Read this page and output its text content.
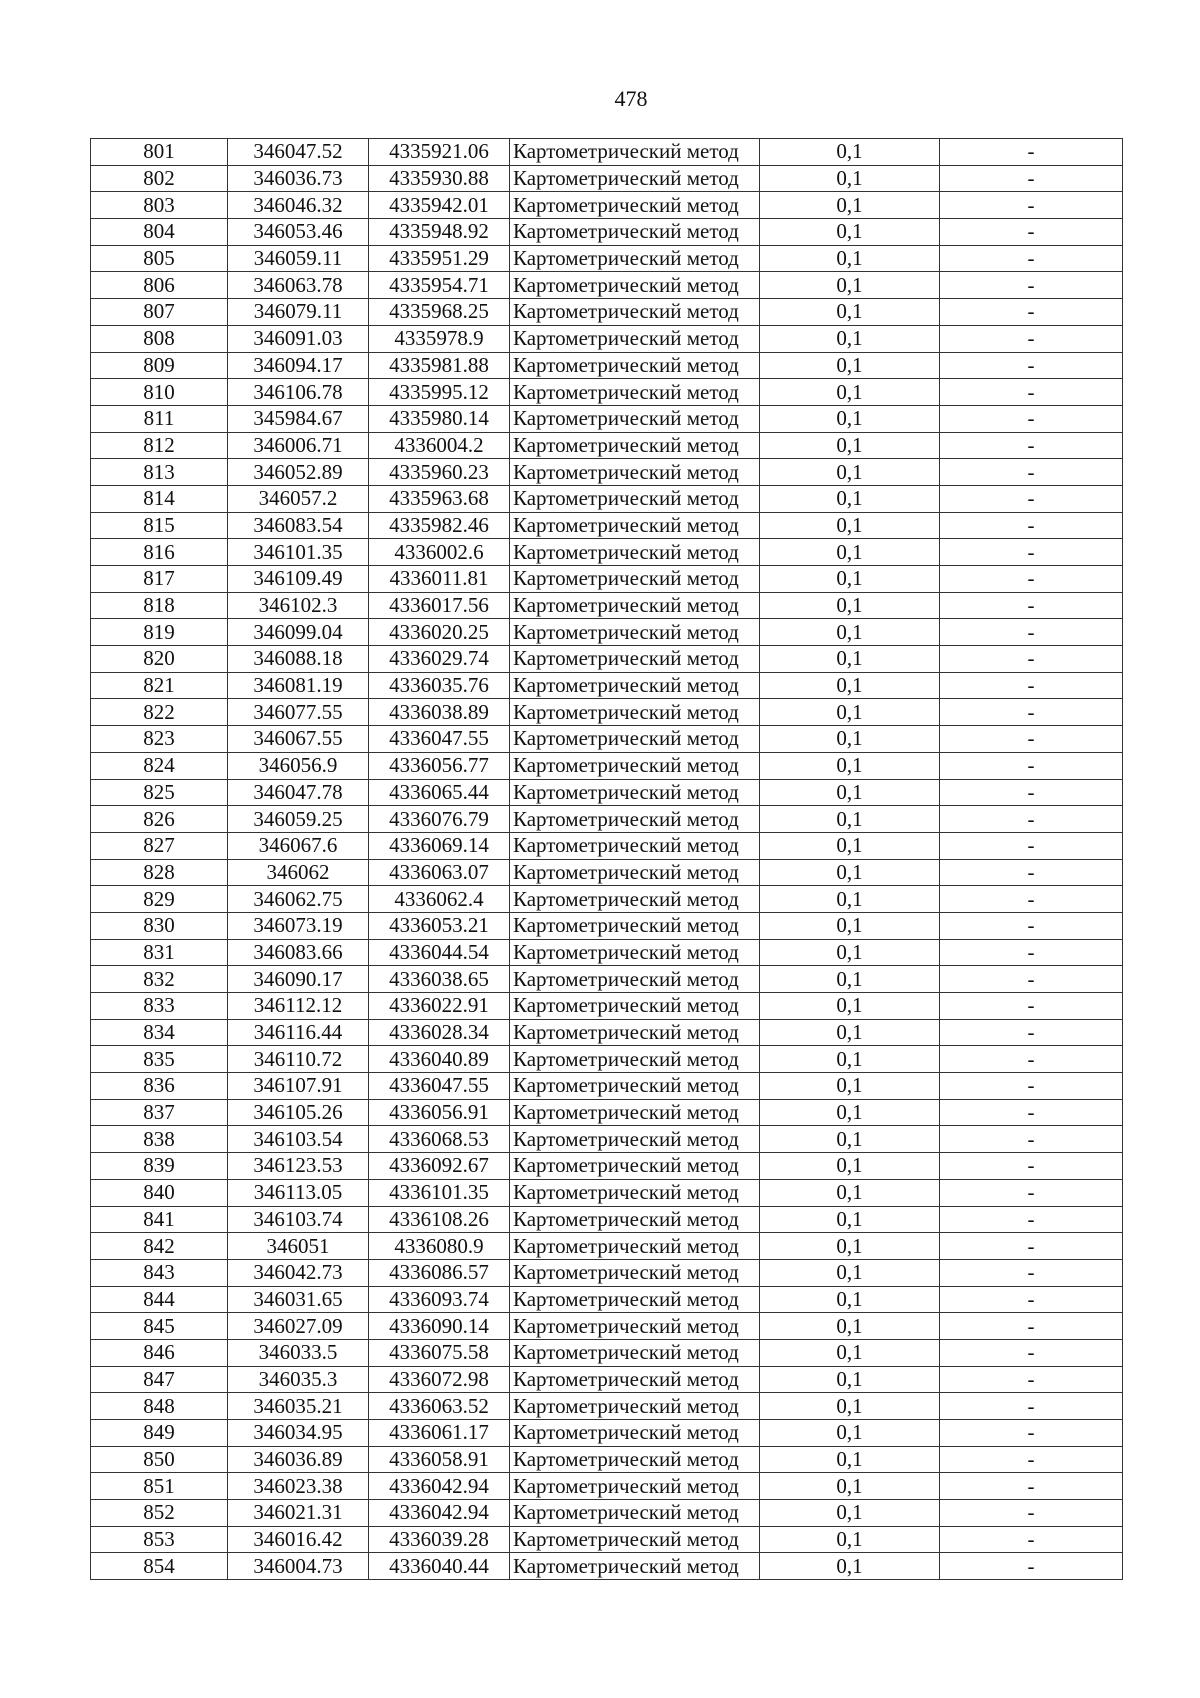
478
801	346047.52	4335921.06	Картометрический метод	0,1	-
802	346036.73	4335930.88	Картометрический метод	0,1	-
803	346046.32	4335942.01	Картометрический метод	0,1	-
804	346053.46	4335948.92	Картометрический метод	0,1	-
805	346059.11	4335951.29	Картометрический метод	0,1	-
806	346063.78	4335954.71	Картометрический метод	0,1	-
807	346079.11	4335968.25	Картометрический метод	0,1	-
808	346091.03	4335978.9	Картометрический метод	0,1	-
809	346094.17	4335981.88	Картометрический метод	0,1	-
810	346106.78	4335995.12	Картометрический метод	0,1	-
811	345984.67	4335980.14	Картометрический метод	0,1	-
812	346006.71	4336004.2	Картометрический метод	0,1	-
813	346052.89	4335960.23	Картометрический метод	0,1	-
814	346057.2	4335963.68	Картометрический метод	0,1	-
815	346083.54	4335982.46	Картометрический метод	0,1	-
816	346101.35	4336002.6	Картометрический метод	0,1	-
817	346109.49	4336011.81	Картометрический метод	0,1	-
818	346102.3	4336017.56	Картометрический метод	0,1	-
819	346099.04	4336020.25	Картометрический метод	0,1	-
820	346088.18	4336029.74	Картометрический метод	0,1	-
821	346081.19	4336035.76	Картометрический метод	0,1	-
822	346077.55	4336038.89	Картометрический метод	0,1	-
823	346067.55	4336047.55	Картометрический метод	0,1	-
824	346056.9	4336056.77	Картометрический метод	0,1	-
825	346047.78	4336065.44	Картометрический метод	0,1	-
826	346059.25	4336076.79	Картометрический метод	0,1	-
827	346067.6	4336069.14	Картометрический метод	0,1	-
828	346062	4336063.07	Картометрический метод	0,1	-
829	346062.75	4336062.4	Картометрический метод	0,1	-
830	346073.19	4336053.21	Картометрический метод	0,1	-
831	346083.66	4336044.54	Картометрический метод	0,1	-
832	346090.17	4336038.65	Картометрический метод	0,1	-
833	346112.12	4336022.91	Картометрический метод	0,1	-
834	346116.44	4336028.34	Картометрический метод	0,1	-
835	346110.72	4336040.89	Картометрический метод	0,1	-
836	346107.91	4336047.55	Картометрический метод	0,1	-
837	346105.26	4336056.91	Картометрический метод	0,1	-
838	346103.54	4336068.53	Картометрический метод	0,1	-
839	346123.53	4336092.67	Картометрический метод	0,1	-
840	346113.05	4336101.35	Картометрический метод	0,1	-
841	346103.74	4336108.26	Картометрический метод	0,1	-
842	346051	4336080.9	Картометрический метод	0,1	-
843	346042.73	4336086.57	Картометрический метод	0,1	-
844	346031.65	4336093.74	Картометрический метод	0,1	-
845	346027.09	4336090.14	Картометрический метод	0,1	-
846	346033.5	4336075.58	Картометрический метод	0,1	-
847	346035.3	4336072.98	Картометрический метод	0,1	-
848	346035.21	4336063.52	Картометрический метод	0,1	-
849	346034.95	4336061.17	Картометрический метод	0,1	-
850	346036.89	4336058.91	Картометрический метод	0,1	-
851	346023.38	4336042.94	Картометрический метод	0,1	-
852	346021.31	4336042.94	Картометрический метод	0,1	-
853	346016.42	4336039.28	Картометрический метод	0,1	-
854	346004.73	4336040.44	Картометрический метод	0,1	-
